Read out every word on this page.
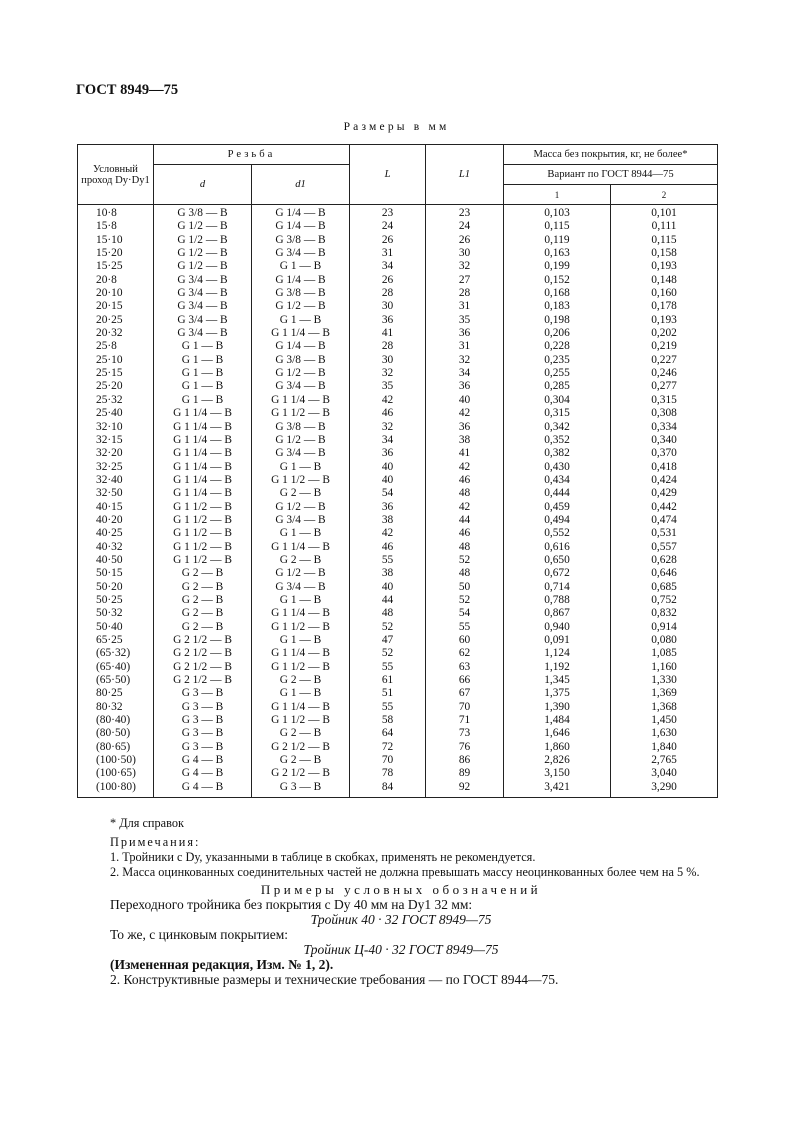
ГОСТ 8949—75
Размеры в мм
Условный проход Dу·Dу1	Резьба		L	L1	Масса без покрытия, кг, не более*	
	d	d1			Вариант по ГОСТ 8944—75	
					1	2
10·8	G 3/8 — B	G 1/4 — B	23	23	0,103	0,101
15·8	G 1/2 — B	G 1/4 — B	24	24	0,115	0,111
15·10	G 1/2 — B	G 3/8 — B	26	26	0,119	0,115
15·20	G 1/2 — B	G 3/4 — B	31	30	0,163	0,158
15·25	G 1/2 — B	G 1 — B	34	32	0,199	0,193
20·8	G 3/4 — B	G 1/4 — B	26	27	0,152	0,148
20·10	G 3/4 — B	G 3/8 — B	28	28	0,168	0,160
20·15	G 3/4 — B	G 1/2 — B	30	31	0,183	0,178
20·25	G 3/4 — B	G 1 — B	36	35	0,198	0,193
20·32	G 3/4 — B	G 1 1/4 — B	41	36	0,206	0,202
25·8	G 1 — B	G 1/4 — B	28	31	0,228	0,219
25·10	G 1 — B	G 3/8 — B	30	32	0,235	0,227
25·15	G 1 — B	G 1/2 — B	32	34	0,255	0,246
25·20	G 1 — B	G 3/4 — B	35	36	0,285	0,277
25·32	G 1 — B	G 1 1/4 — B	42	40	0,304	0,315
25·40	G 1 1/4 — B	G 1 1/2 — B	46	42	0,315	0,308
32·10	G 1 1/4 — B	G 3/8 — B	32	36	0,342	0,334
32·15	G 1 1/4 — B	G 1/2 — B	34	38	0,352	0,340
32·20	G 1 1/4 — B	G 3/4 — B	36	41	0,382	0,370
32·25	G 1 1/4 — B	G 1 — B	40	42	0,430	0,418
32·40	G 1 1/4 — B	G 1 1/2 — B	40	46	0,434	0,424
32·50	G 1 1/4 — B	G 2 — B	54	48	0,444	0,429
40·15	G 1 1/2 — B	G 1/2 — B	36	42	0,459	0,442
40·20	G 1 1/2 — B	G 3/4 — B	38	44	0,494	0,474
40·25	G 1 1/2 — B	G 1 — B	42	46	0,552	0,531
40·32	G 1 1/2 — B	G 1 1/4 — B	46	48	0,616	0,557
40·50	G 1 1/2 — B	G 2 — B	55	52	0,650	0,628
50·15	G 2 — B	G 1/2 — B	38	48	0,672	0,646
50·20	G 2 — B	G 3/4 — B	40	50	0,714	0,685
50·25	G 2 — B	G 1 — B	44	52	0,788	0,752
50·32	G 2 — B	G 1 1/4 — B	48	54	0,867	0,832
50·40	G 2 — B	G 1 1/2 — B	52	55	0,940	0,914
65·25	G 2 1/2 — B	G 1 — B	47	60	0,091	0,080
(65·32)	G 2 1/2 — B	G 1 1/4 — B	52	62	1,124	1,085
(65·40)	G 2 1/2 — B	G 1 1/2 — B	55	63	1,192	1,160
(65·50)	G 2 1/2 — B	G 2 — B	61	66	1,345	1,330
80·25	G 3 — B	G 1 — B	51	67	1,375	1,369
80·32	G 3 — B	G 1 1/4 — B	55	70	1,390	1,368
(80·40)	G 3 — B	G 1 1/2 — B	58	71	1,484	1,450
(80·50)	G 3 — B	G 2 — B	64	73	1,646	1,630
(80·65)	G 3 — B	G 2 1/2 — B	72	76	1,860	1,840
(100·50)	G 4 — B	G 2 — B	70	86	2,826	2,765
(100·65)	G 4 — B	G 2 1/2 — B	78	89	3,150	3,040
(100·80)	G 4 — B	G 3 — B	84	92	3,421	3,290

* Для справок

Примечания:

1. Тройники с Dу, указанными в таблице в скобках, применять не рекомендуется.

2. Масса оцинкованных соединительных частей не должна превышать массу неоцинкованных более чем на 5 %.

Примеры условных обозначений

Переходного тройника без покрытия с Dу 40 мм на Dу1 32 мм:

Тройник 40 · 32 ГОСТ 8949—75

То же, с цинковым покрытием:

Тройник Ц-40 · 32 ГОСТ 8949—75

(Измененная редакция, Изм. № 1, 2).

2. Конструктивные размеры и технические требования — по ГОСТ 8944—75.
